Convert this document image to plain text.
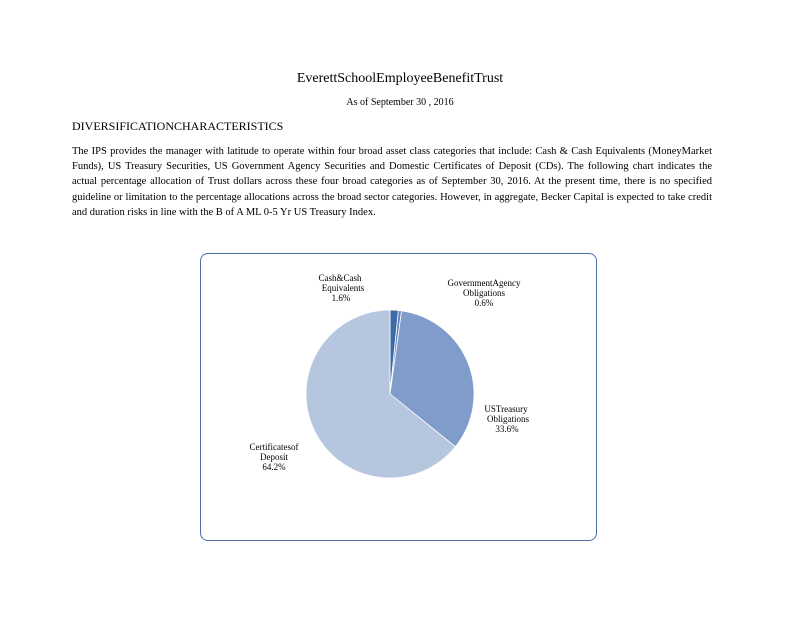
EverettSchoolEmployeeBenefitTrust
As of September 30 , 2016
DIVERSIFICATIONCHARACTERISTICS
The IPS provides the manager with latitude to operate within four broad asset class categories that include: Cash & Cash Equivalents (MoneyMarket Funds), US Treasury Securities, US Government Agency Securities and Domestic Certificates of Deposit (CDs). The following chart indicates the actual percentage allocation of Trust dollars across these four broad categories as of September 30, 2016. At the present time, there is no specified guideline or limitation to the percentage allocations across the broad sector categories. However, in aggregate, Becker Capital is expected to take credit and duration risks in line with the B of A ML 0-5 Yr US Treasury Index.
Cash&Cash
Equivalents
1.6%
GovernmentAgency
Obligations
0.6%
USTreasury
Obligations
33.6%
Certificatesof
Deposit
64.2%
